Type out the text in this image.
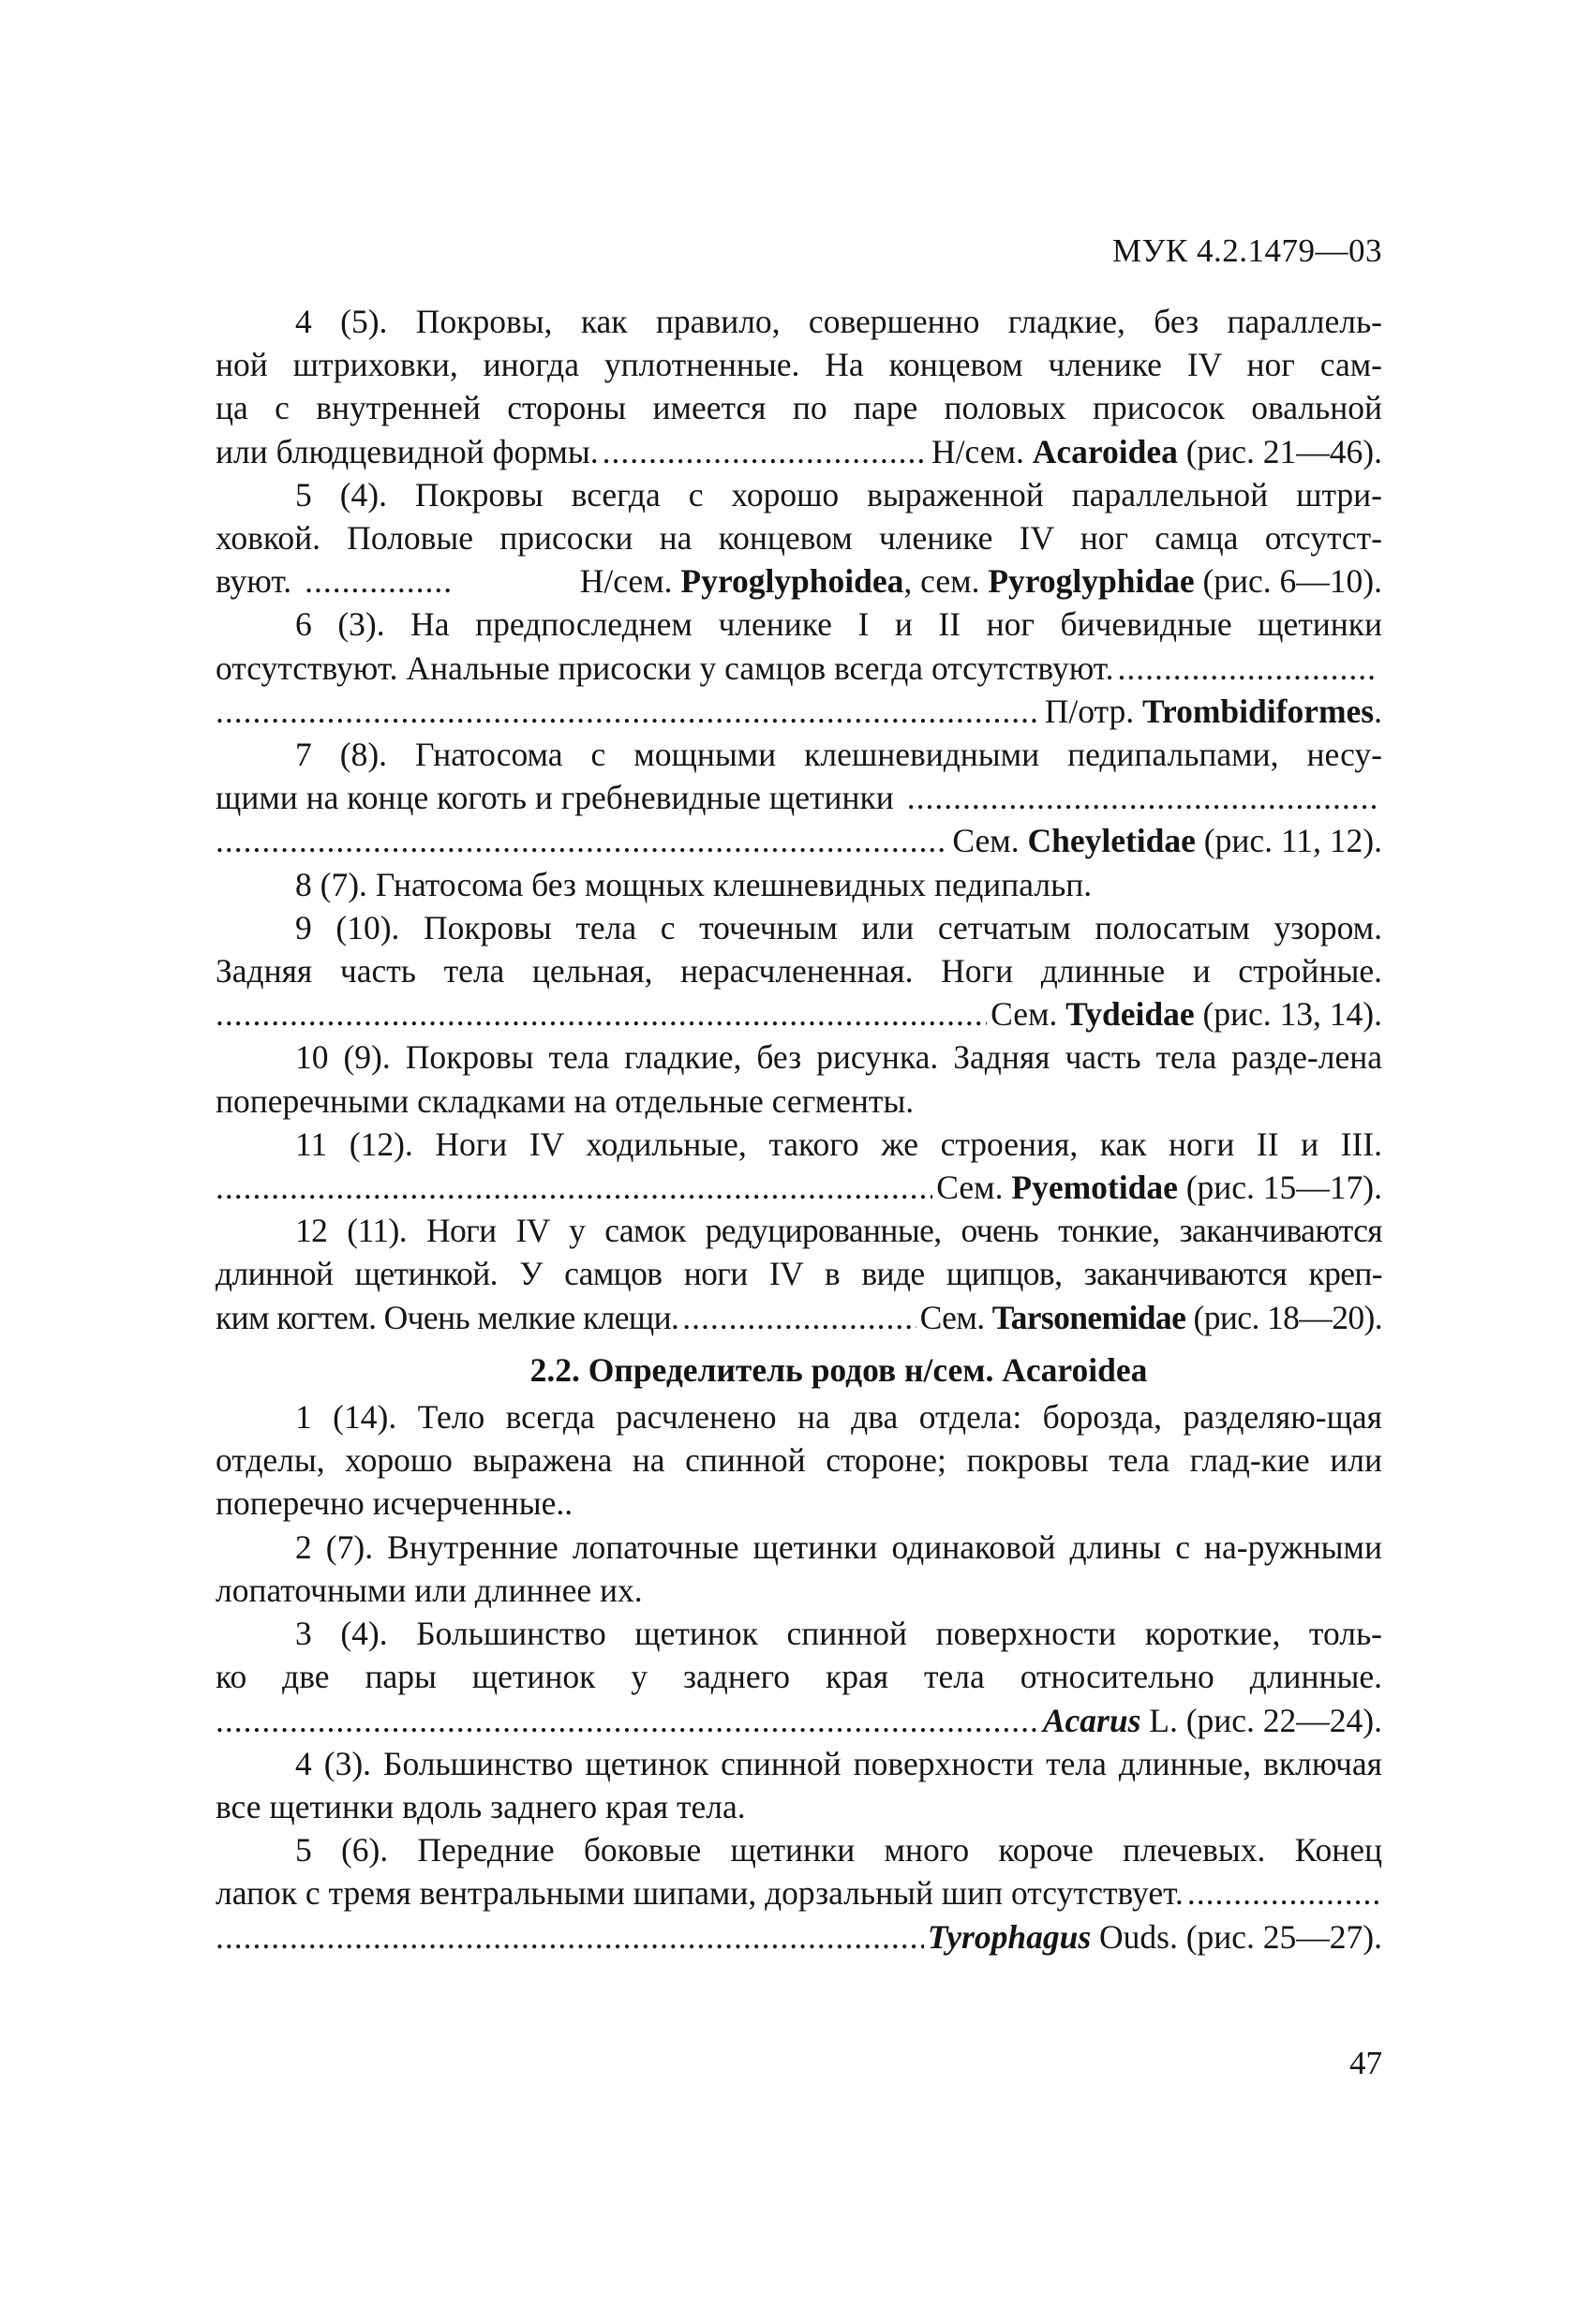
МУК 4.2.1479—03
4 (5). Покровы, как правило, совершенно гладкие, без параллель-
ной штриховки, иногда уплотненные. На концевом членике IV ног сам-
ца с внутренней стороны имеется по паре половых присосок овальной
или блюдцевидной формы. .....	Н/сем. Acaroidea (рис. 21—46).
5 (4). Покровы всегда с хорошо выраженной параллельной штри-
ховкой. Половые присоски на концевом членике IV ног самца отсутст-
вуют. .....	Н/сем. Pyroglyphoidea, сем. Pyroglyphidae (рис. 6—10).
6 (3). На предпоследнем членике I и II ног бичевидные щетинки
отсутствуют. Анальные присоски у самцов всегда отсутствуют.
.....
.....
П/отр. Trombidiformes.
7 (8). Гнатосома с мощными клешневидными педипальпами, несу-
щими на конце коготь и гребневидные щетинки
.....
.....
Сем. Cheyletidae (рис. 11, 12).

8 (7). Гнатосома без мощных клешневидных педипальп.

9 (10). Покровы тела с точечным или сетчатым полосатым узором.
Задняя часть тела цельная, нерасчлененная. Ноги длинные и стройные.
.....
Сем. Tydeidae (рис. 13, 14).

10 (9). Покровы тела гладкие, без рисунка. Задняя часть тела разде-лена поперечными складками на отдельные сегменты.

11 (12). Ноги IV ходильные, такого же строения, как ноги II и III.
.....
Сем. Pyemotidae (рис. 15—17).
12 (11). Ноги IV у самок редуцированные, очень тонкие, заканчиваются
длинной щетинкой. У самцов ноги IV в виде щипцов, заканчиваются креп-
ким когтем. Очень мелкие клещи. .....	Сем. Tarsonemidae (рис. 18—20).

2.2. Определитель родов н/сем. Acaroidea

1 (14). Тело всегда расчленено на два отдела: борозда, разделяю-щая отделы, хорошо выражена на спинной стороне; покровы тела глад-кие или поперечно исчерченные..

2 (7). Внутренние лопаточные щетинки одинаковой длины с на-ружными лопаточными или длиннее их.

3 (4). Большинство щетинок спинной поверхности короткие, толь-
ко две пары щетинок у заднего края тела относительно длинные.
.....
Acarus L. (рис. 22—24).

4 (3). Большинство щетинок спинной поверхности тела длинные, включая все щетинки вдоль заднего края тела.

5 (6). Передние боковые щетинки много короче плечевых. Конец
лапок с тремя вентральными шипами, дорзальный шип отсутствует.
.....
.....
Tyrophagus Ouds. (рис. 25—27).
47
